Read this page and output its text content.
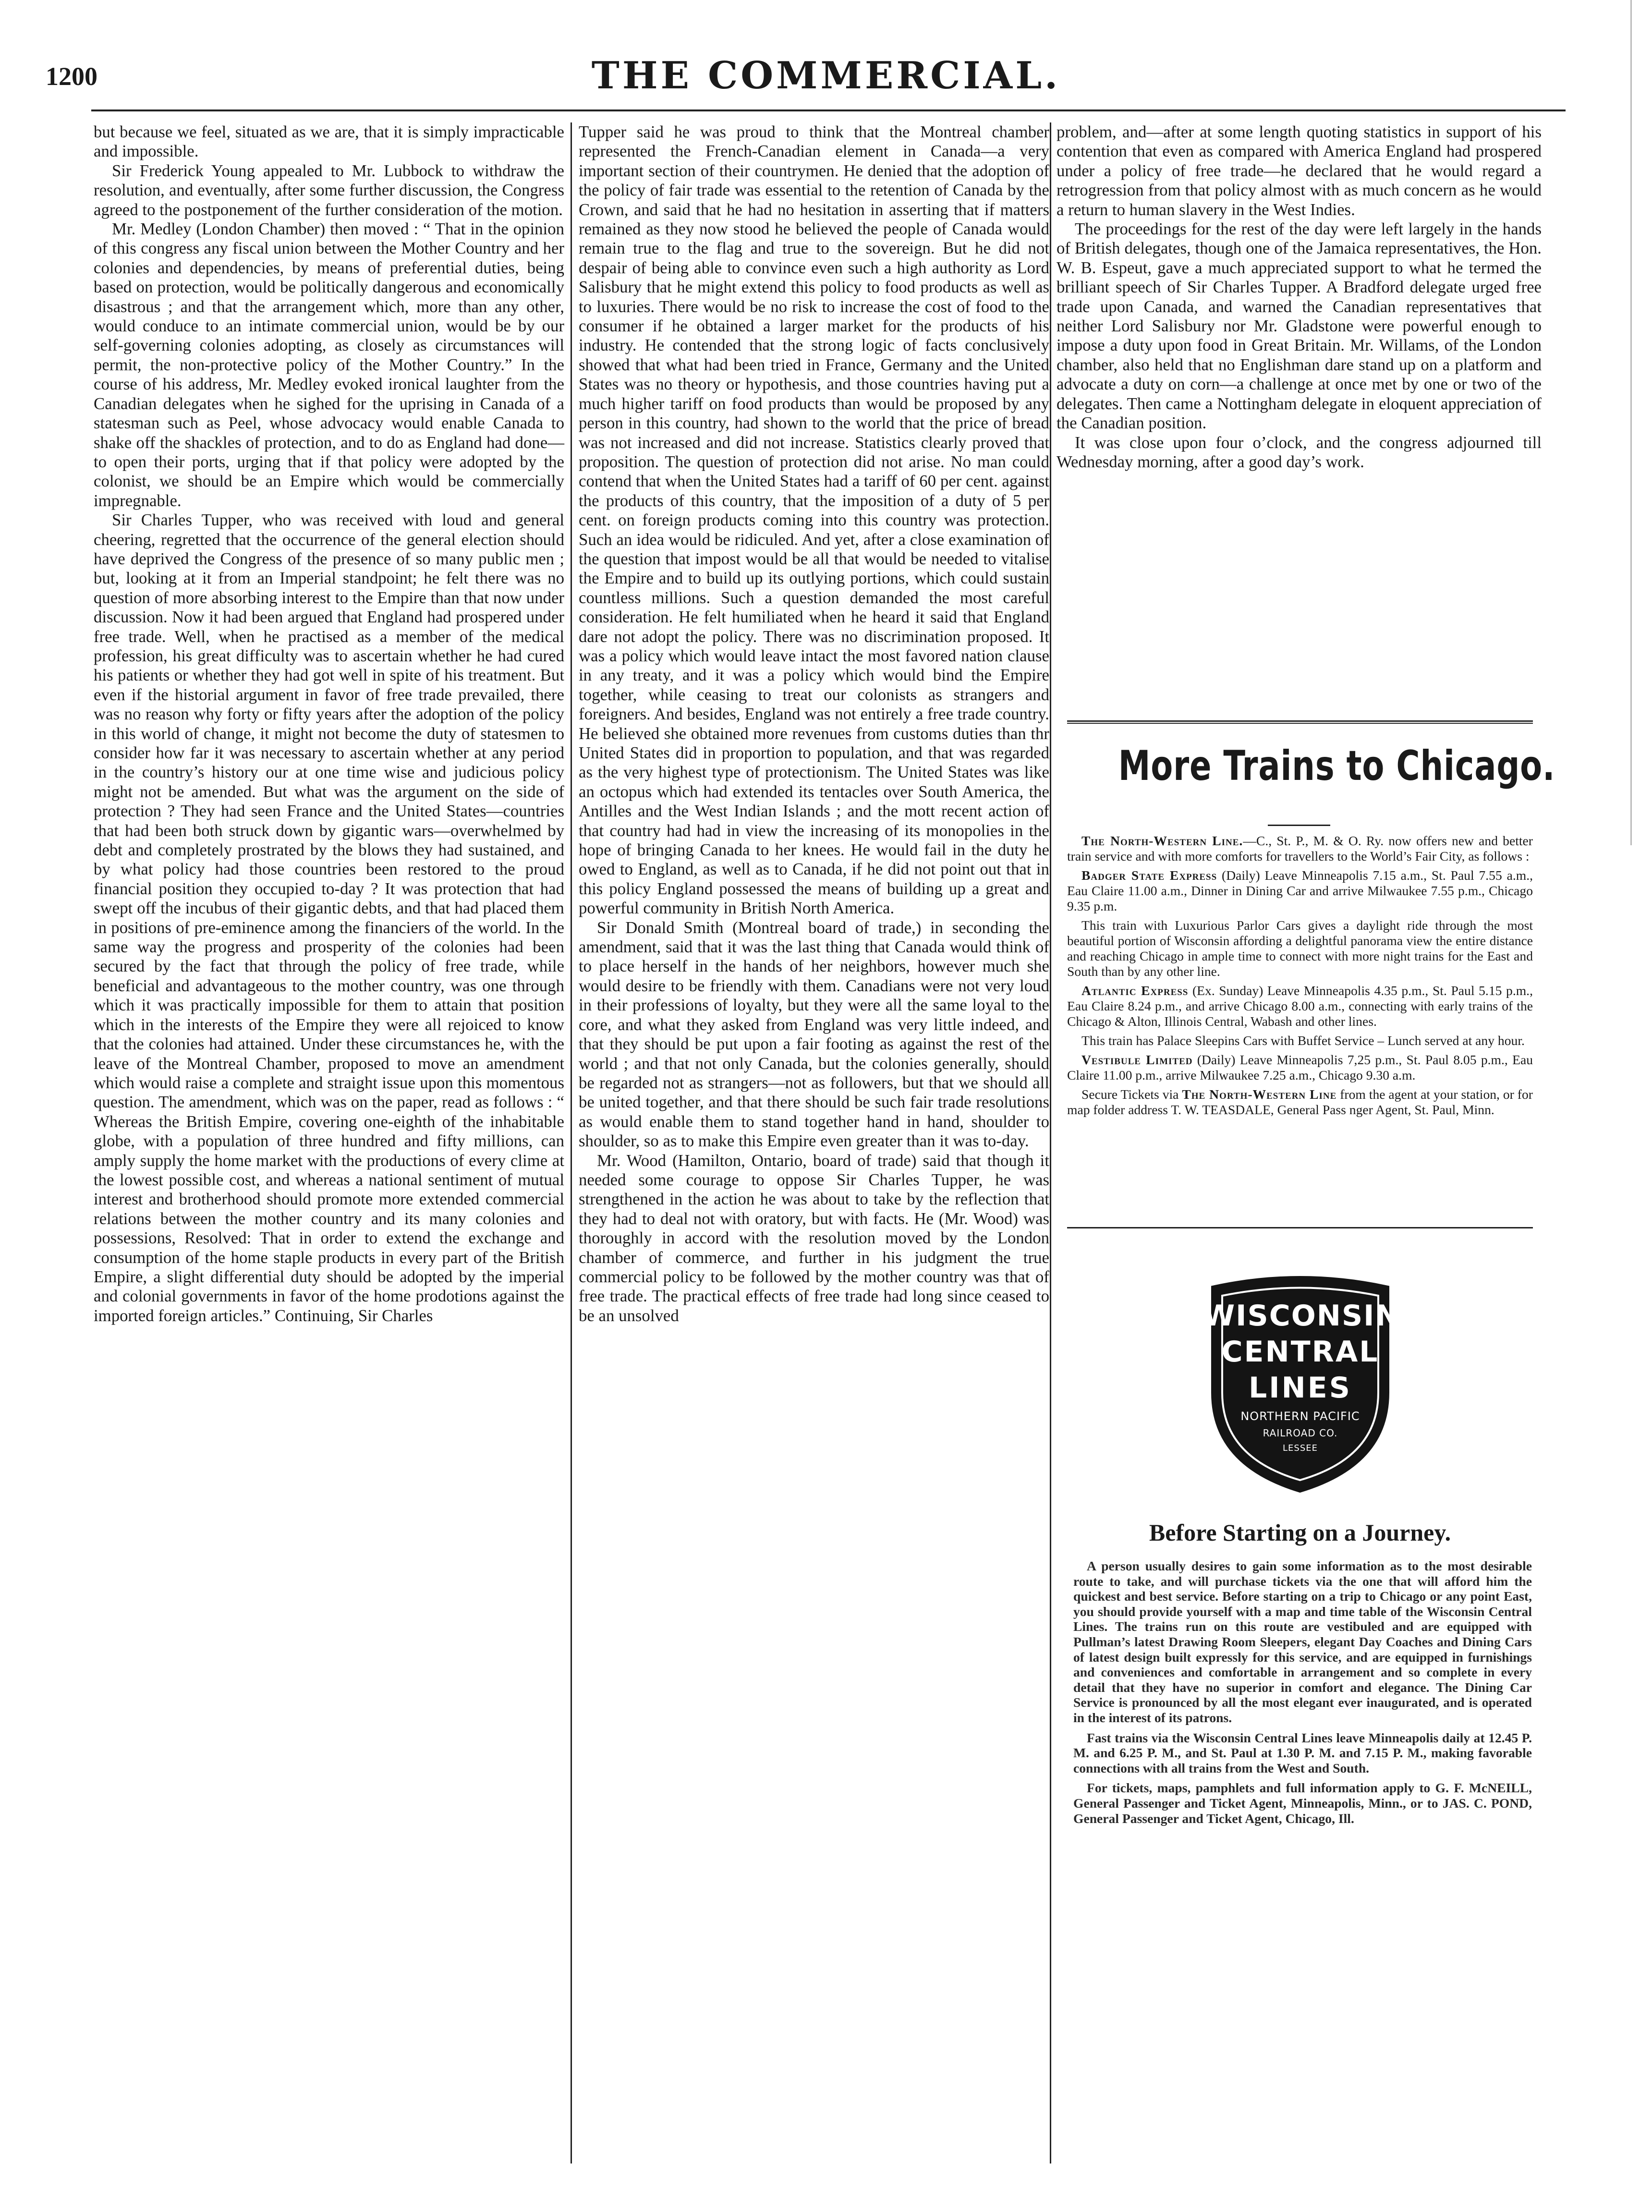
1200	THE COMMERCIAL.

but because we feel, situated as we are, that it is simply impracticable and impossible.

Sir Frederick Young appealed to Mr. Lubbock to withdraw the resolution, and eventually, after some further discussion, the Congress agreed to the postponement of the further consideration of the motion.

Mr. Medley (London Chamber) then moved : “ That in the opinion of this congress any fiscal union between the Mother Country and her colonies and dependencies, by means of preferential duties, being based on protection, would be politically dangerous and economically disastrous ; and that the arrangement which, more than any other, would conduce to an intimate commercial union, would be by our self-governing colonies adopting, as closely as circumstances will permit, the non-protective policy of the Mother Country.” In the course of his address, Mr. Medley evoked ironical laughter from the Canadian delegates when he sighed for the uprising in Canada of a statesman such as Peel, whose advocacy would enable Canada to shake off the shackles of protection, and to do as England had done—to open their ports, urging that if that policy were adopted by the colonist, we should be an Empire which would be commercially impregnable.

Sir Charles Tupper, who was received with loud and general cheering, regretted that the occurrence of the general election should have deprived the Congress of the presence of so many public men ; but, looking at it from an Imperial standpoint; he felt there was no question of more absorbing interest to the Empire than that now under discussion. Now it had been argued that England had prospered under free trade. Well, when he practised as a member of the medical profession, his great difficulty was to ascertain whether he had cured his patients or whether they had got well in spite of his treatment. But even if the historial argument in favor of free trade prevailed, there was no reason why forty or fifty years after the adoption of the policy in this world of change, it might not become the duty of statesmen to consider how far it was necessary to ascertain whether at any period in the country’s history our at one time wise and judicious policy might not be amended. But what was the argument on the side of protection ? They had seen France and the United States—countries that had been both struck down by gigantic wars—overwhelmed by debt and completely prostrated by the blows they had sustained, and by what policy had those countries been restored to the proud financial position they occupied to-day ? It was protection that had swept off the incubus of their gigantic debts, and that had placed them in positions of pre-eminence among the financiers of the world. In the same way the progress and prosperity of the colonies had been secured by the fact that through the policy of free trade, while beneficial and advantageous to the mother country, was one through which it was practically impossible for them to attain that position which in the interests of the Empire they were all rejoiced to know that the colonies had attained. Under these circumstances he, with the leave of the Montreal Chamber, proposed to move an amendment which would raise a complete and straight issue upon this momentous question. The amendment, which was on the paper, read as follows : “ Whereas the British Empire, covering one-eighth of the inhabitable globe, with a population of three hundred and fifty millions, can amply supply the home market with the productions of every clime at the lowest possible cost, and whereas a national sentiment of mutual interest and brotherhood should promote more extended commercial relations between the mother country and its many colonies and possessions, Resolved: That in order to extend the exchange and consumption of the home staple products in every part of the British Empire, a slight differential duty should be adopted by the imperial and colonial governments in favor of the home prodotions against the imported foreign articles.” Continuing, Sir Charles

Tupper said he was proud to think that the Montreal chamber represented the French-Canadian element in Canada—a very important section of their countrymen. He denied that the adoption of the policy of fair trade was essential to the retention of Canada by the Crown, and said that he had no hesitation in asserting that if matters remained as they now stood he believed the people of Canada would remain true to the flag and true to the sovereign. But he did not despair of being able to convince even such a high authority as Lord Salisbury that he might extend this policy to food products as well as to luxuries. There would be no risk to increase the cost of food to the consumer if he obtained a larger market for the products of his industry. He contended that the strong logic of facts conclusively showed that what had been tried in France, Germany and the United States was no theory or hypothesis, and those countries having put a much higher tariff on food products than would be proposed by any person in this country, had shown to the world that the price of bread was not increased and did not increase. Statistics clearly proved that proposition. The question of protection did not arise. No man could contend that when the United States had a tariff of 60 per cent. against the products of this country, that the imposition of a duty of 5 per cent. on foreign products coming into this country was protection. Such an idea would be ridiculed. And yet, after a close examination of the question that impost would be all that would be needed to vitalise the Empire and to build up its outlying portions, which could sustain countless millions. Such a question demanded the most careful consideration. He felt humiliated when he heard it said that England dare not adopt the policy. There was no discrimination proposed. It was a policy which would leave intact the most favored nation clause in any treaty, and it was a policy which would bind the Empire together, while ceasing to treat our colonists as strangers and foreigners. And besides, England was not entirely a free trade country. He believed she obtained more revenues from customs duties than thr United States did in proportion to population, and that was regarded as the very highest type of protectionism. The United States was like an octopus which had extended its tentacles over South America, the Antilles and the West Indian Islands ; and the mott recent action of that country had had in view the increasing of its monopolies in the hope of bringing Canada to her knees. He would fail in the duty he owed to England, as well as to Canada, if he did not point out that in this policy England possessed the means of building up a great and powerful community in British North America.

Sir Donald Smith (Montreal board of trade,) in seconding the amendment, said that it was the last thing that Canada would think of to place herself in the hands of her neighbors, however much she would desire to be friendly with them. Canadians were not very loud in their professions of loyalty, but they were all the same loyal to the core, and what they asked from England was very little indeed, and that they should be put upon a fair footing as against the rest of the world ; and that not only Canada, but the colonies generally, should be regarded not as strangers—not as followers, but that we should all be united together, and that there should be such fair trade resolutions as would enable them to stand together hand in hand, shoulder to shoulder, so as to make this Empire even greater than it was to-day.

Mr. Wood (Hamilton, Ontario, board of trade) said that though it needed some courage to oppose Sir Charles Tupper, he was strengthened in the action he was about to take by the reflection that they had to deal not with oratory, but with facts. He (Mr. Wood) was thoroughly in accord with the resolution moved by the London chamber of commerce, and further in his judgment the true commercial policy to be followed by the mother country was that of free trade. The practical effects of free trade had long since ceased to be an unsolved

problem, and—after at some length quoting statistics in support of his contention that even as compared with America England had prospered under a policy of free trade—he declared that he would regard a retrogression from that policy almost with as much concern as he would a return to human slavery in the West Indies.

The proceedings for the rest of the day were left largely in the hands of British delegates, though one of the Jamaica representatives, the Hon. W. B. Espeut, gave a much appreciated support to what he termed the brilliant speech of Sir Charles Tupper. A Bradford delegate urged free trade upon Canada, and warned the Canadian representatives that neither Lord Salisbury nor Mr. Gladstone were powerful enough to impose a duty upon food in Great Britain. Mr. Willams, of the London chamber, also held that no Englishman dare stand up on a platform and advocate a duty on corn—a challenge at once met by one or two of the delegates. Then came a Nottingham delegate in eloquent appreciation of the Canadian position.

It was close upon four o’clock, and the congress adjourned till Wednesday morning, after a good day’s work.

More Trains to Chicago.

The North-Western Line.—C., St. P., M. & O. Ry. now offers new and better train service and with more comforts for travellers to the World’s Fair City, as follows :

Badger State Express (Daily) Leave Minneapolis 7.15 a.m., St. Paul 7.55 a.m., Eau Claire 11.00 a.m., Dinner in Dining Car and arrive Milwaukee 7.55 p.m., Chicago 9.35 p.m.

This train with Luxurious Parlor Cars gives a daylight ride through the most beautiful portion of Wisconsin affording a delightful panorama view the entire distance and reaching Chicago in ample time to connect with more night trains for the East and South than by any other line.

Atlantic Express (Ex. Sunday) Leave Minneapolis 4.35 p.m., St. Paul 5.15 p.m., Eau Claire 8.24 p.m., and arrive Chicago 8.00 a.m., connecting with early trains of the Chicago & Alton, Illinois Central, Wabash and other lines.

This train has Palace Sleepins Cars with Buffet Service – Lunch served at any hour.

Vestibule Limited (Daily) Leave Minneapolis 7,25 p.m., St. Paul 8.05 p.m., Eau Claire 11.00 p.m., arrive Milwaukee 7.25 a.m., Chicago 9.30 a.m.

Secure Tickets via The North-Western Line from the agent at your station, or for map folder address T. W. TEASDALE, General Pass nger Agent, St. Paul, Minn.

WISCONSIN
CENTRAL
LINES
NORTHERN PACIFIC
RAILROAD CO.
LESSEE
Before Starting on a Journey.

A person usually desires to gain some information as to the most desirable route to take, and will purchase tickets via the one that will afford him the quickest and best service. Before starting on a trip to Chicago or any point East, you should provide yourself with a map and time table of the Wisconsin Central Lines. The trains run on this route are vestibuled and are equipped with Pullman’s latest Drawing Room Sleepers, elegant Day Coaches and Dining Cars of latest design built expressly for this service, and are equipped in furnishings and conveniences and comfortable in arrangement and so complete in every detail that they have no superior in comfort and elegance. The Dining Car Service is pronounced by all the most elegant ever inaugurated, and is operated in the interest of its patrons.

Fast trains via the Wisconsin Central Lines leave Minneapolis daily at 12.45 P. M. and 6.25 P. M., and St. Paul at 1.30 P. M. and 7.15 P. M., making favorable connections with all trains from the West and South.

For tickets, maps, pamphlets and full information apply to G. F. McNEILL, General Passenger and Ticket Agent, Minneapolis, Minn., or to JAS. C. POND, General Passenger and Ticket Agent, Chicago, Ill.
